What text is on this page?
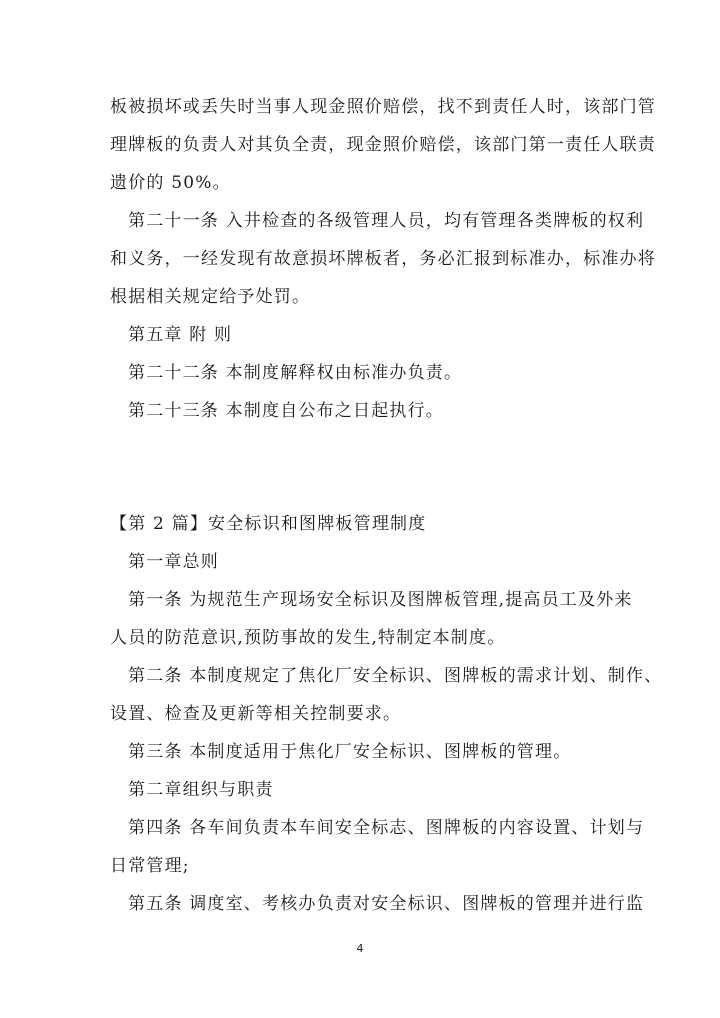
板被损坏或丢失时当事人现金照价赔偿，找不到责任人时，该部门管
理牌板的负责人对其负全责，现金照价赔偿，该部门第一责任人联责
遗价的 50%。
第二十一条 入井检查的各级管理人员，均有管理各类牌板的权利
和义务，一经发现有故意损坏牌板者，务必汇报到标准办，标准办将
根据相关规定给予处罚。
第五章 附 则
第二十二条 本制度解释权由标准办负责。
第二十三条 本制度自公布之日起执行。
【第 2 篇】安全标识和图牌板管理制度
第一章总则
第一条 为规范生产现场安全标识及图牌板管理,提高员工及外来
人员的防范意识,预防事故的发生,特制定本制度。
第二条 本制度规定了焦化厂安全标识、图牌板的需求计划、制作、
设置、检查及更新等相关控制要求。
第三条 本制度适用于焦化厂安全标识、图牌板的管理。
第二章组织与职责
第四条 各车间负责本车间安全标志、图牌板的内容设置、计划与
日常管理;
第五条 调度室、考核办负责对安全标识、图牌板的管理并进行监
4
